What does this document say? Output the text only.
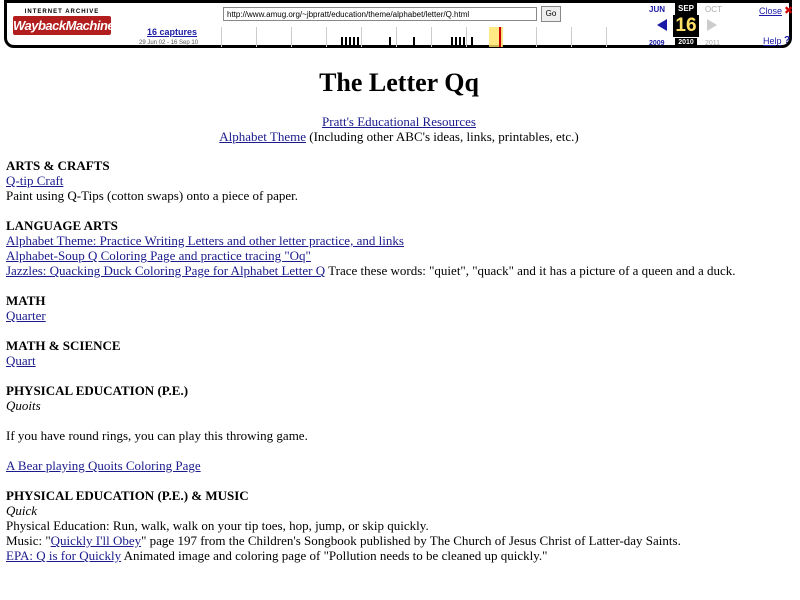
INTERNET ARCHIVE
WaybackMachine
http://www.amug.org/~jbpratt/education/theme/alphabet/letter/Q.html	Go
16 captures
29 Jun 02 - 16 Sep 10
JUN	SEP	OCT
16
2009	2010	2011
Close ✖
Help ?
The Letter Qq
Pratt's Educational Resources
Alphabet Theme (Including other ABC's ideas, links, printables, etc.)
ARTS & CRAFTS
Q-tip Craft
Paint using Q-Tips (cotton swaps) onto a piece of paper.
LANGUAGE ARTS
Alphabet Theme: Practice Writing Letters and other letter practice, and links
Alphabet-Soup Q Coloring Page and practice tracing "Oq"
Jazzles: Quacking Duck Coloring Page for Alphabet Letter Q Trace these words: "quiet", "quack" and it has a picture of a queen and a duck.
MATH
Quarter
MATH & SCIENCE
Quart
PHYSICAL EDUCATION (P.E.)
Quoits
If you have round rings, you can play this throwing game.
A Bear playing Quoits Coloring Page
PHYSICAL EDUCATION (P.E.) & MUSIC
Quick
Physical Education: Run, walk, walk on your tip toes, hop, jump, or skip quickly.
Music: "Quickly I'll Obey" page 197 from the Children's Songbook published by The Church of Jesus Christ of Latter-day Saints.
EPA: Q is for Quickly Animated image and coloring page of "Pollution needs to be cleaned up quickly."
